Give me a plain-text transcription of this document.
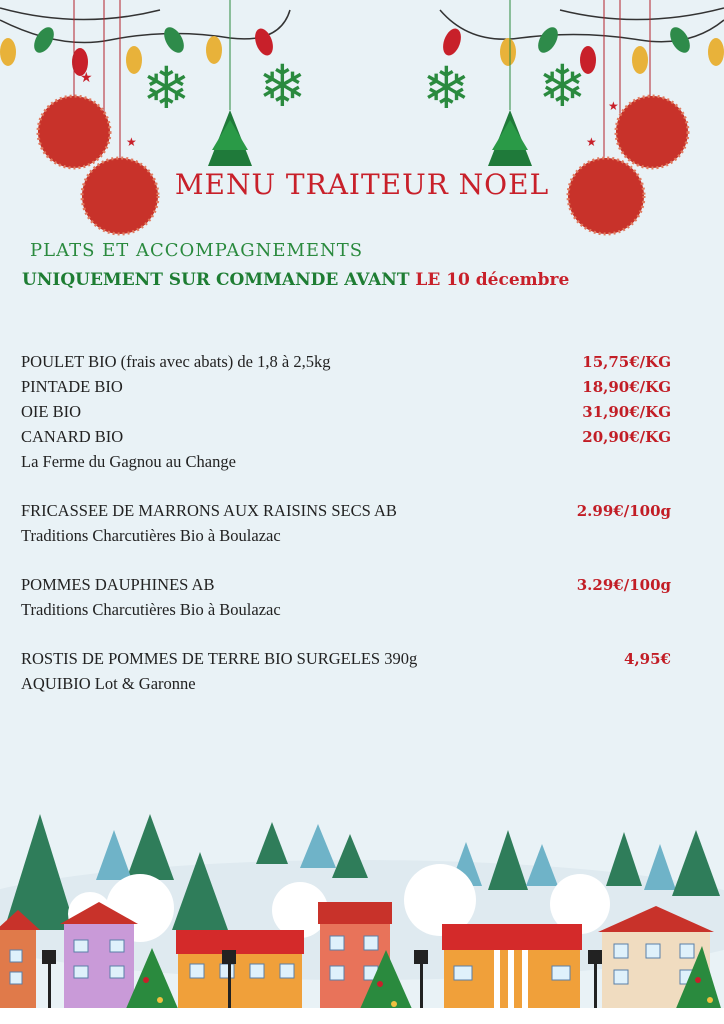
★
★
★
★
❄ ❄ ❄ ❄
MENU TRAITEUR NOEL
PLATS ET ACCOMPAGNEMENTS
UNIQUEMENT SUR COMMANDE AVANT LE 10 décembre
POULET BIO (frais avec abats) de 1,8 à 2,5kg	15,75€/KG
PINTADE BIO	18,90€/KG
OIE BIO	31,90€/KG
CANARD BIO	20,90€/KG
La Ferme du Gagnou au Change
FRICASSEE DE MARRONS AUX RAISINS SECS AB	2.99€/100g
Traditions Charcutières Bio à Boulazac
POMMES DAUPHINES AB	3.29€/100g
Traditions Charcutières Bio à Boulazac
ROSTIS DE POMMES DE TERRE BIO SURGELES 390g	4,95€
AQUIBIO Lot & Garonne
